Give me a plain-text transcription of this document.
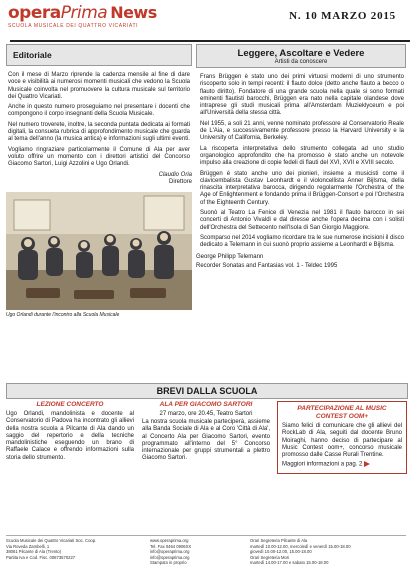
operaPrima News
SCUOLA MUSICALE DEI QUATTRO VICARIATI
N. 10 MARZO 2015
Editoriale

Con il mese di Marzo riprende la cadenza mensile al fine di dare voce e visibilità ai numerosi momenti musicali che vedono la Scuola Musicale coinvolta nel promuovere la cultura musicale sul territorio dei Quattro Vicariati.

Anche in questo numero proseguiamo nel presentare i docenti che compongono il corpo insegnanti della Scuola Musicale.

Nel numero troverete, inoltre, la seconda puntata dedicata ai formati digitali, la consueta rubrica di approfondimento musicale che guarda al tema dell'anno (la musica antica) e informazioni sugli ultimi eventi.

Vogliamo ringraziare particolarmente il Comune di Ala per aver voluto offrire un momento con i direttori artistici del Concorso Giacomo Sartori, Luigi Azzolini e Ugo Orlandi.

Claudio Oria
Direttore
Ugo Orlandi durante l'incontro alla Scuola Musicale
Leggere, Ascoltare e Vedere
Artisti da conoscere

Frans Brüggen è stato uno dei primi virtuosi moderni di uno strumento riscoperto solo in tempi recenti: il flauto dolce (detto anche flauto a becco o flauto diritto). Fondatore di una grande scuola nella quale si sono formati eminenti flautisti barocchi, Brüggen era nato nella capitale olandese dove intraprese gli studi musicali prima all'Amsterdam Muzieklyceum e poi all'Università della stessa città.

Nel 1955, a soli 21 anni, venne nominato professore al Conservatorio Reale de L'Aia, e successivamente professore presso la Harvard University e la University of California, Berkeley.

La riscoperta interpretativa dello strumento collegata ad uno studio organologico approfondito che ha promosso è stato anche un notevole impulso alla creazione di copie fedeli di flauti del XVI, XVII e XVIII secolo.

Brüggen è stato anche uno dei pionieri, insieme a musicisti come il clavicembalista Gustav Leonhardt e il violoncellista Anner Bijlsma, della rinascita interpretativa barocca, dirigendo regolarmente l'Orchestra of the Age of Enlightenment e fondando prima il Brüggen-Consort e poi l'Orchestra of the Eighteenth Century.

Suonò al Teatro La Fenice di Venezia nel 1981 il flauto barocco in sei concerti di Antonio Vivaldi e dal diresse anche l'opera decima con i solisti dell'Orchestra del Settecento nell'Isola di San Giorgio Maggiore.

Scomparso nel 2014 vogliamo ricordare tra le sue numerose incisioni il disco dedicato a Telemann in cui suonò proprio assieme a Leonhardt e Bijlsma.

George Philipp Telemann
Recorder Sonatas and Fantasias vol. 1 - Teldec 1995
BREVI DALLA SCUOLA
LEZIONE CONCERTO
Ugo Orlandi, mandolinista e docente al Conservatorio di Padova ha incontrato gli allievi della nostra scuola a Pilcante di Ala dando un saggio del repertorio e della tecniche mandolinistiche eseguendo un brano di Raffaele Calace e offrendo informazioni sulla storia dello strumento.
ALA PER GIACOMO SARTORI
27 marzo, ore 20.45, Teatro Sartori
La nostra scuola musicale parteciperà, assieme alla Banda Sociale di Ala e al Coro 'Città di Ala', al Concerto Ala per Giacomo Sartori, evento programmato all'interno del 5° Concorso internazionale per gruppi strumentali a plettro Giacomo Sartori.
PARTECIPAZIONE AL MUSIC CONTEST OOM+
Siamo felici di comunicare che gli allievi del RockLab di Ala, seguiti dal docente Bruno Moiraghi, hanno deciso di partecipare al Music Contest oom+, concorso musicale promosso dalle Casse Rurali Trentine.
Maggiori informazioni a pag. 2
Scuola Musicale dei Quattro Vicariati Soc. Coop.
Via Roveda Zambelli, 1
38061 Pilcante di Ala (Trento)
Partita Iva e Cod. Fisc. 00873570227
www.operaprima.org
Tel. Fax 0464 0906XX
info@operaprima.org
info@operaprima.org
Stampato in proprio
Orari Segreteria Pilcante di Ala
martedì 10.00-12.00, mercoledì e venerdì 15.00-18.00
giovedì 10.00-12.00, 15.00-18.00
Orari Segreteria Mori
martedì 14.00-17.00 e sabato 15.00-18.00
